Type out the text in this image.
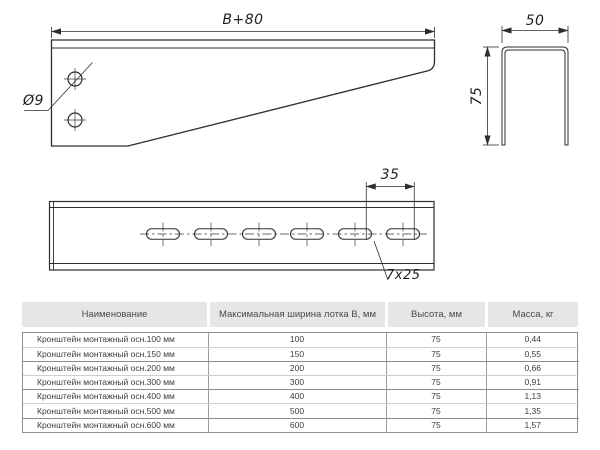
B+80
Ø9
50
75
35
7x25
Наименование	Максимальная ширина лотка B, мм	Высота, мм	Масса, кг
Кронштейн монтажный осн.100 мм	100	75	0,44
Кронштейн монтажный осн.150 мм	150	75	0,55
Кронштейн монтажный осн.200 мм	200	75	0,66
Кронштейн монтажный осн.300 мм	300	75	0,91
Кронштейн монтажный осн.400 мм	400	75	1,13
Кронштейн монтажный осн.500 мм	500	75	1,35
Кронштейн монтажный осн.600 мм	600	75	1,57
